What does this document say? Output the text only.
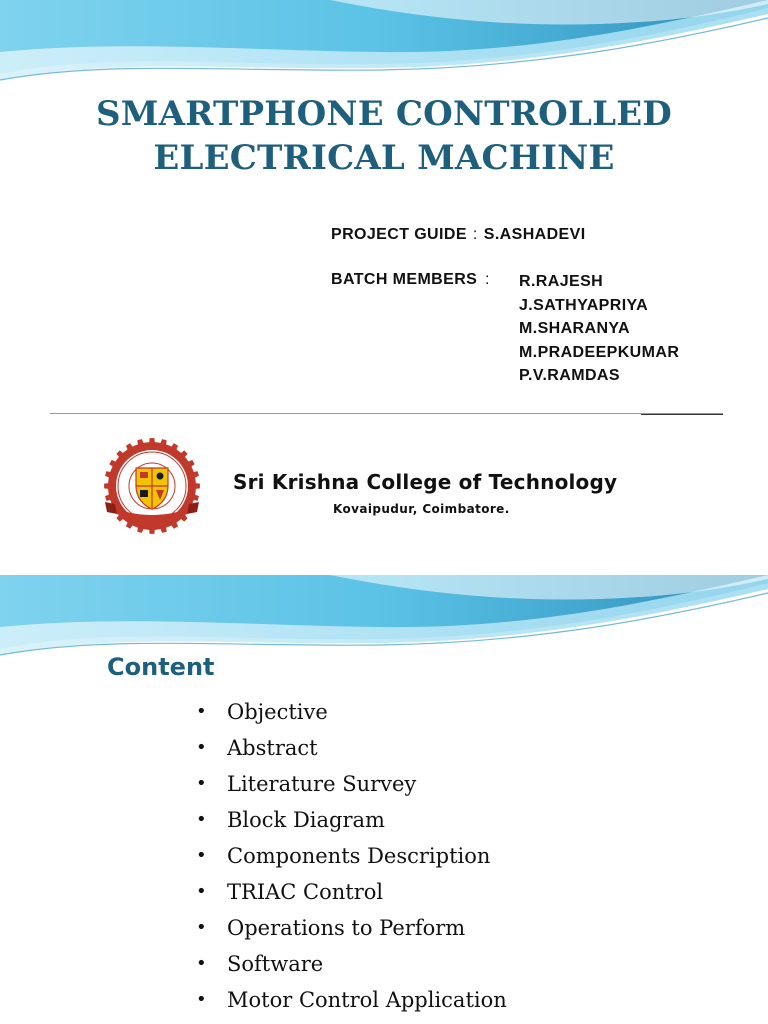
SMARTPHONE CONTROLLED
ELECTRICAL MACHINE
PROJECT GUIDE : S.ASHADEVI
BATCH MEMBERS : R.RAJESH
J.SATHYAPRIYA
M.SHARANYA
M.PRADEEPKUMAR
P.V.RAMDAS
Sri Krishna College of Technology
Kovaipudur, Coimbatore.
Content
• Objective
• Abstract
• Literature Survey
• Block Diagram
• Components Description
• TRIAC Control
• Operations to Perform
• Software
• Motor Control Application
